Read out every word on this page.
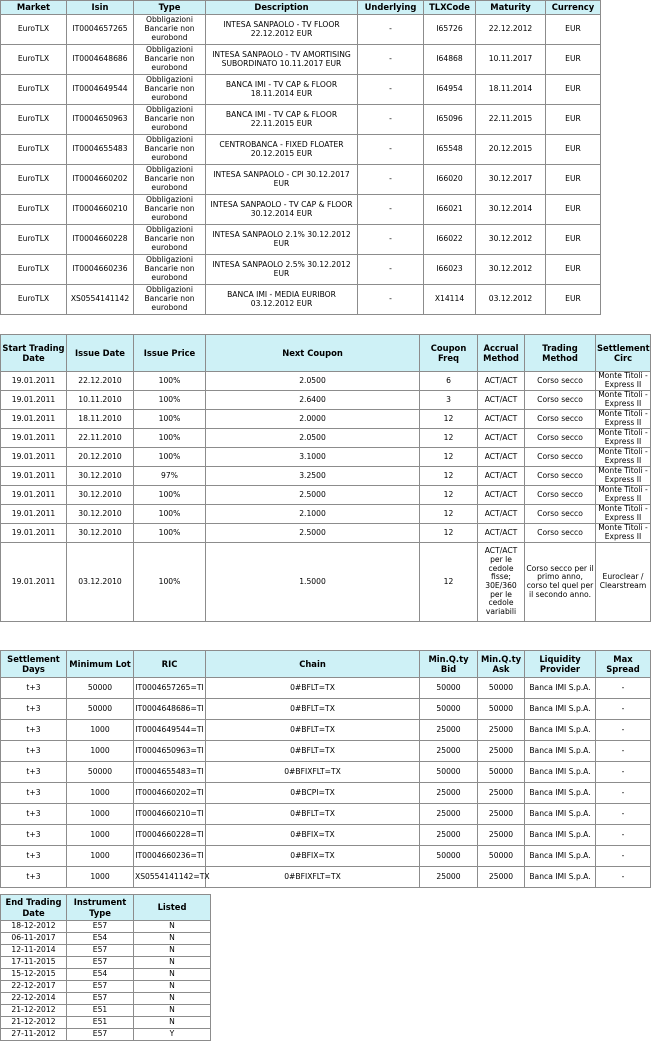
Market	Isin	Type	Description	Underlying	TLXCode	Maturity	Currency
EuroTLX	IT0004657265	Obbligazioni Bancarie non eurobond	INTESA SANPAOLO - TV FLOOR 22.12.2012 EUR	-	I65726	22.12.2012	EUR
EuroTLX	IT0004648686	Obbligazioni Bancarie non eurobond	INTESA SANPAOLO - TV AMORTISING SUBORDINATO 10.11.2017 EUR	-	I64868	10.11.2017	EUR
EuroTLX	IT0004649544	Obbligazioni Bancarie non eurobond	BANCA IMI - TV CAP & FLOOR 18.11.2014 EUR	-	I64954	18.11.2014	EUR
EuroTLX	IT0004650963	Obbligazioni Bancarie non eurobond	BANCA IMI - TV CAP & FLOOR 22.11.2015 EUR	-	I65096	22.11.2015	EUR
EuroTLX	IT0004655483	Obbligazioni Bancarie non eurobond	CENTROBANCA - FIXED FLOATER 20.12.2015 EUR	-	I65548	20.12.2015	EUR
EuroTLX	IT0004660202	Obbligazioni Bancarie non eurobond	INTESA SANPAOLO - CPI 30.12.2017 EUR	-	I66020	30.12.2017	EUR
EuroTLX	IT0004660210	Obbligazioni Bancarie non eurobond	INTESA SANPAOLO - TV CAP & FLOOR 30.12.2014 EUR	-	I66021	30.12.2014	EUR
EuroTLX	IT0004660228	Obbligazioni Bancarie non eurobond	INTESA SANPAOLO 2.1% 30.12.2012 EUR	-	I66022	30.12.2012	EUR
EuroTLX	IT0004660236	Obbligazioni Bancarie non eurobond	INTESA SANPAOLO 2.5% 30.12.2012 EUR	-	I66023	30.12.2012	EUR
EuroTLX	XS0554141142	Obbligazioni Bancarie non eurobond	BANCA IMI - MEDIA EURIBOR 03.12.2012 EUR	-	X14114	03.12.2012	EUR
Start Trading Date	Issue Date	Issue Price	Next Coupon	Coupon Freq	Accrual Method	Trading Method	Settlement Circ
19.01.2011	22.12.2010	100%	2.0500	6	ACT/ACT	Corso secco	Monte Titoli - Express II
19.01.2011	10.11.2010	100%	2.6400	3	ACT/ACT	Corso secco	Monte Titoli - Express II
19.01.2011	18.11.2010	100%	2.0000	12	ACT/ACT	Corso secco	Monte Titoli - Express II
19.01.2011	22.11.2010	100%	2.0500	12	ACT/ACT	Corso secco	Monte Titoli - Express II
19.01.2011	20.12.2010	100%	3.1000	12	ACT/ACT	Corso secco	Monte Titoli - Express II
19.01.2011	30.12.2010	97%	3.2500	12	ACT/ACT	Corso secco	Monte Titoli - Express II
19.01.2011	30.12.2010	100%	2.5000	12	ACT/ACT	Corso secco	Monte Titoli - Express II
19.01.2011	30.12.2010	100%	2.1000	12	ACT/ACT	Corso secco	Monte Titoli - Express II
19.01.2011	30.12.2010	100%	2.5000	12	ACT/ACT	Corso secco	Monte Titoli - Express II
19.01.2011	03.12.2010	100%	1.5000	12	ACT/ACT per le cedole fisse; 30E/360 per le cedole variabili	Corso secco per il primo anno, corso tel quel per il secondo anno.	Euroclear / Clearstream
Settlement Days	Minimum Lot	RIC	Chain	Min.Q.ty Bid	Min.Q.ty Ask	Liquidity Provider	Max Spread
t+3	50000	IT0004657265=TI	0#BFLT=TX	50000	50000	Banca IMI S.p.A.	-
t+3	50000	IT0004648686=TI	0#BFLT=TX	50000	50000	Banca IMI S.p.A.	-
t+3	1000	IT0004649544=TI	0#BFLT=TX	25000	25000	Banca IMI S.p.A.	-
t+3	1000	IT0004650963=TI	0#BFLT=TX	25000	25000	Banca IMI S.p.A.	-
t+3	50000	IT0004655483=TI	0#BFIXFLT=TX	50000	50000	Banca IMI S.p.A.	-
t+3	1000	IT0004660202=TI	0#BCPI=TX	25000	25000	Banca IMI S.p.A.	-
t+3	1000	IT0004660210=TI	0#BFLT=TX	25000	25000	Banca IMI S.p.A.	-
t+3	1000	IT0004660228=TI	0#BFIX=TX	25000	25000	Banca IMI S.p.A.	-
t+3	1000	IT0004660236=TI	0#BFIX=TX	50000	50000	Banca IMI S.p.A.	-
t+3	1000	XS0554141142=TX	0#BFIXFLT=TX	25000	25000	Banca IMI S.p.A.	-
End Trading Date	Instrument Type	Listed
18-12-2012	E57	N
06-11-2017	E54	N
12-11-2014	E57	N
17-11-2015	E57	N
15-12-2015	E54	N
22-12-2017	E57	N
22-12-2014	E57	N
21-12-2012	E51	N
21-12-2012	E51	N
27-11-2012	E57	Y
